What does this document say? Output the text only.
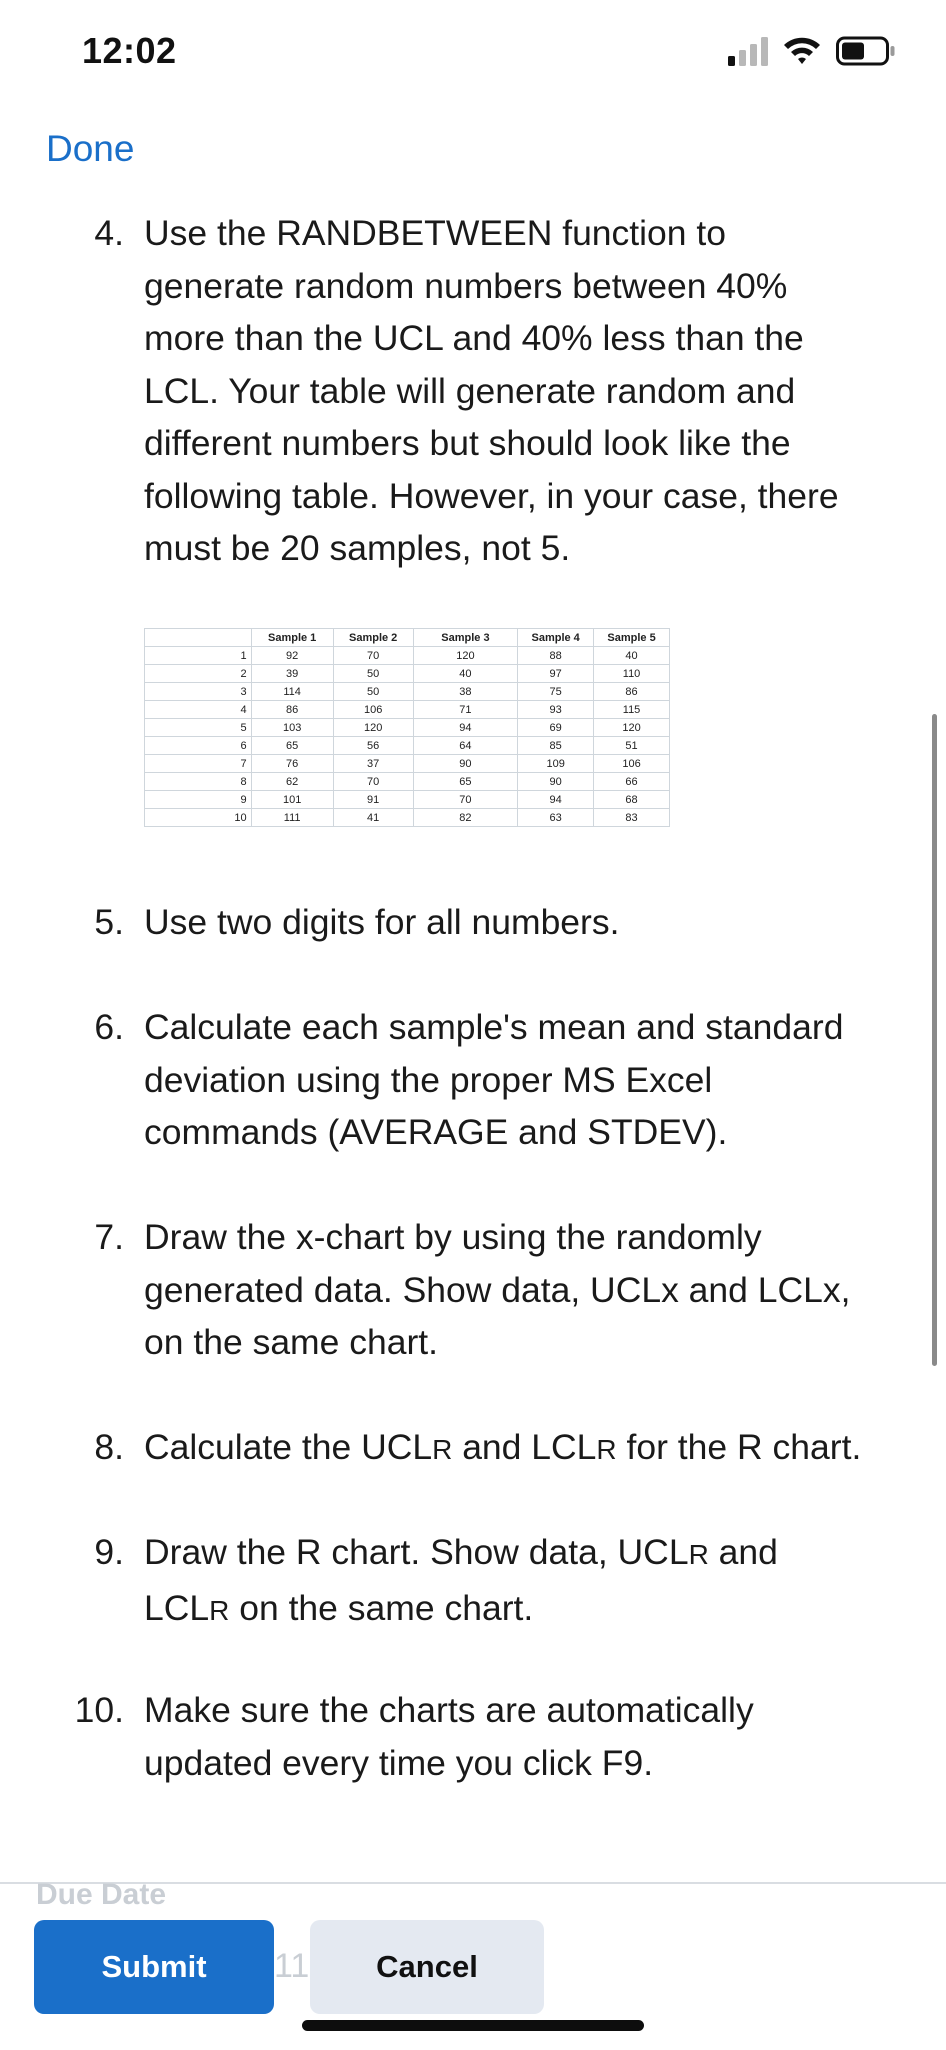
12:02
Done
4. Use the RANDBETWEEN function to
generate random numbers between 40%
more than the UCL and 40% less than the
LCL. Your table will generate random and
different numbers but should look like the
following table. However, in your case, there
must be 20 samples, not 5.
	Sample 1	Sample 2	Sample 3	Sample 4	Sample 5
1	92	70	120	88	40
2	39	50	40	97	110
3	114	50	38	75	86
4	86	106	71	93	115
5	103	120	94	69	120
6	65	56	64	85	51
7	76	37	90	109	106
8	62	70	65	90	66
9	101	91	70	94	68
10	111	41	82	63	83
5. Use two digits for all numbers.
6. Calculate each sample's mean and standard
deviation using the proper MS Excel
commands (AVERAGE and STDEV).
7. Draw the x-chart by using the randomly
generated data. Show data, UCLx and LCLx,
on the same chart.
8. Calculate the UCLR and LCLR for the R chart.
9. Draw the R chart. Show data, UCLR and
LCLR on the same chart.
10. Make sure the charts are automatically
updated every time you click F9.
Due Date
11
Submit	Cancel
